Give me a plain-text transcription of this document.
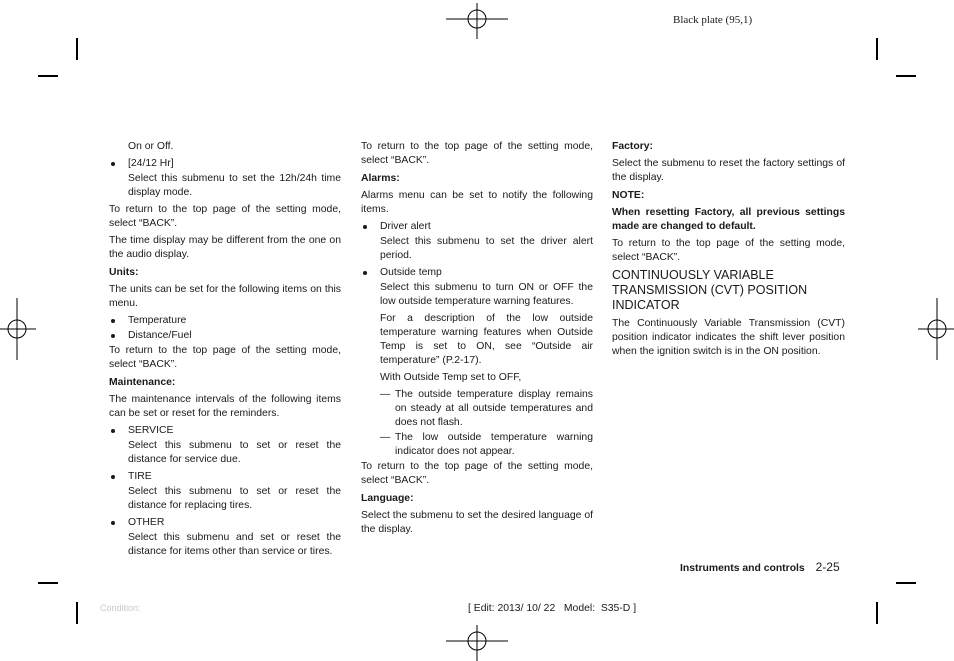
Black plate (95,1)

On or Off.

[24/12 Hr]

Select this submenu to set the 12h/24h time display mode.

To return to the top page of the setting mode, select “BACK”.

The time display may be different from the one on the audio display.

Units:

The units can be set for the following items on this menu.

Temperature
Distance/Fuel

To return to the top page of the setting mode, select “BACK”.

Maintenance:

The maintenance intervals of the following items can be set or reset for the reminders.

SERVICE

Select this submenu to set or reset the distance for service due.

TIRE

Select this submenu to set or reset the distance for replacing tires.

OTHER

Select this submenu and set or reset the distance for items other than service or tires.

To return to the top page of the setting mode, select “BACK”.

Alarms:

Alarms menu can be set to notify the following items.

Driver alert

Select this submenu to set the driver alert period.

Outside temp

Select this submenu to turn ON or OFF the low outside temperature warning features.

For a description of the low outside temperature warning features when Outside Temp is set to ON, see “Outside air temperature” (P.2-17).

With Outside Temp set to OFF,

— The outside temperature display remains on steady at all outside temperatures and does not flash.
— The low outside temperature warning indicator does not appear.

To return to the top page of the setting mode, select “BACK”.

Language:

Select the submenu to set the desired language of the display.

Factory:

Select the submenu to reset the factory settings of the display.

NOTE:

When resetting Factory, all previous settings made are changed to default.

To return to the top page of the setting mode, select “BACK”.

CONTINUOUSLY VARIABLE TRANSMISSION (CVT) POSITION INDICATOR

The Continuously Variable Transmission (CVT) position indicator indicates the shift lever position when the ignition switch is in the ON position.

Instruments and controls 2-25
Condition:	[ Edit: 2013/ 10/ 22   Model:  S35-D ]
